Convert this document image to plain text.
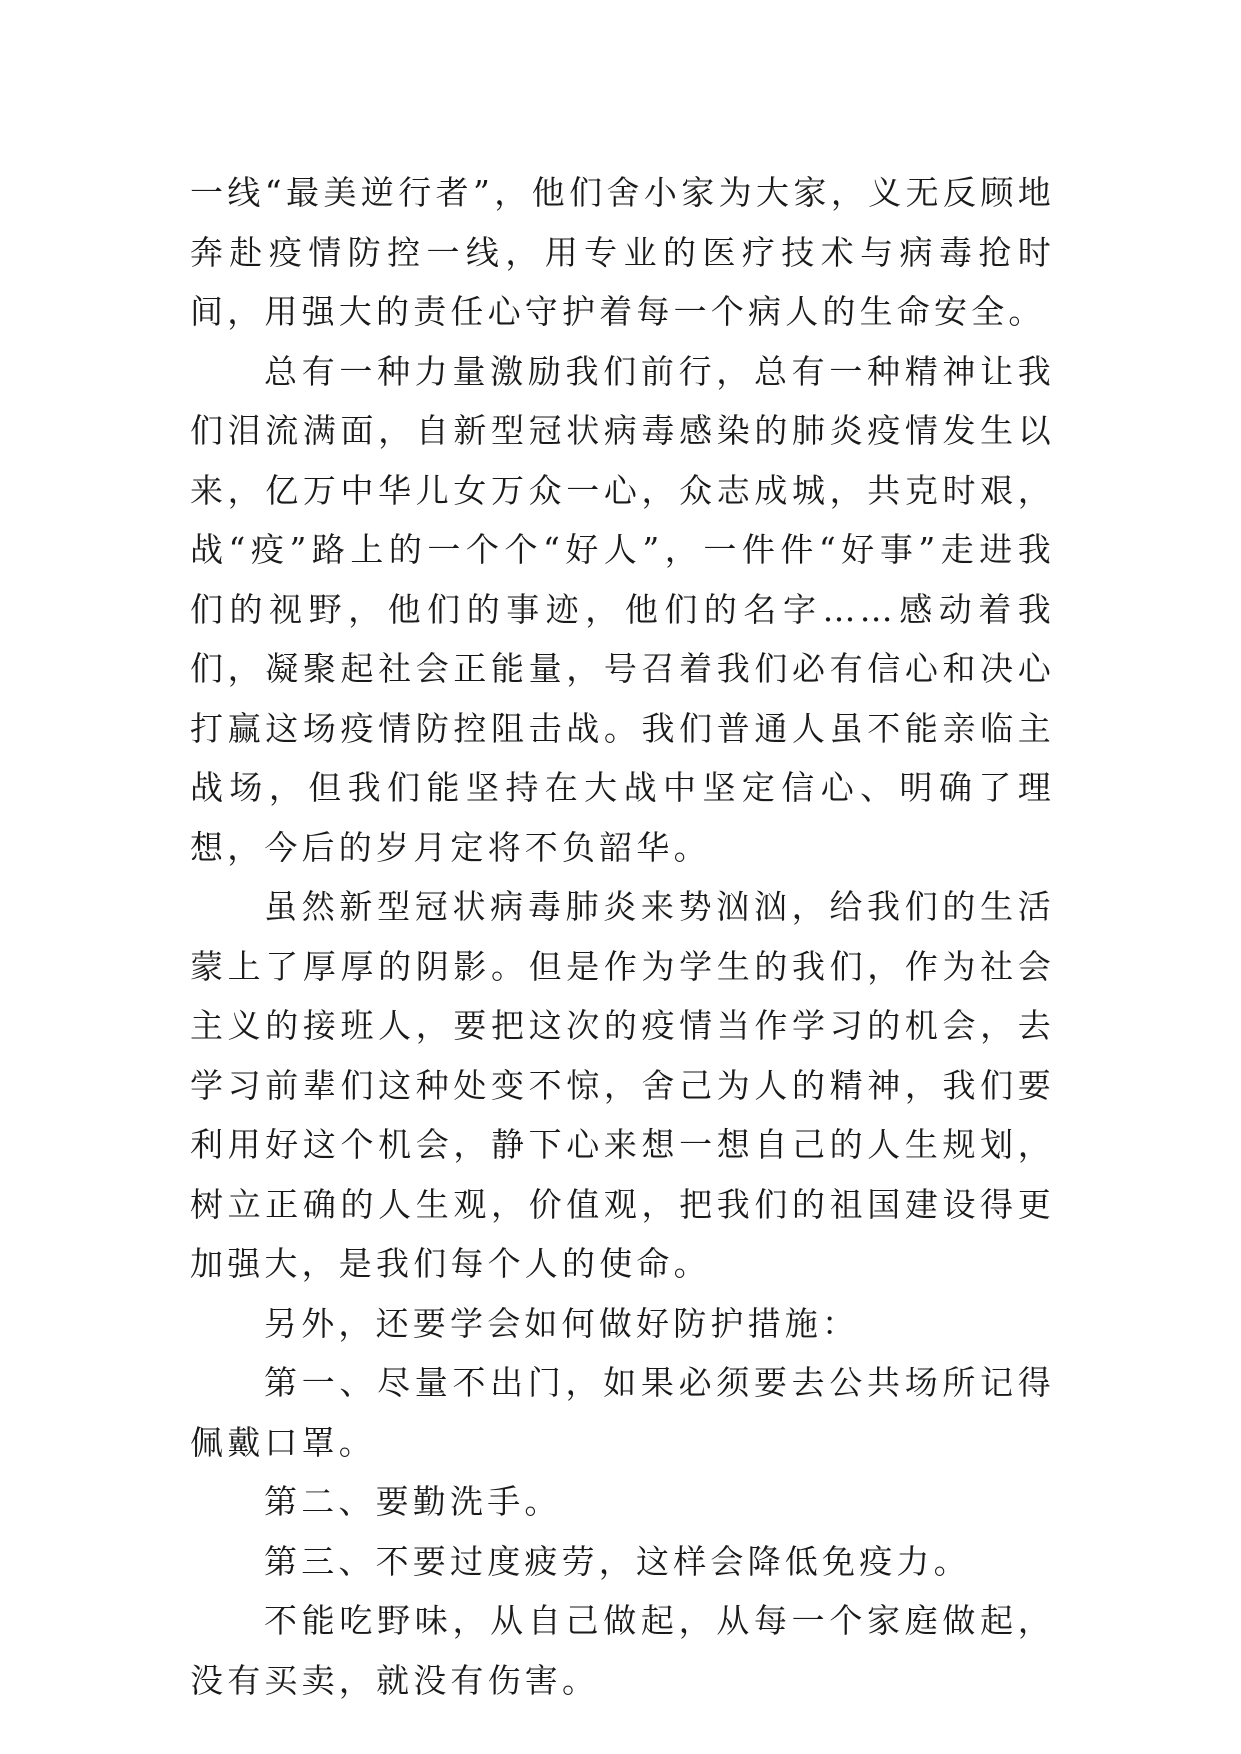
一线“最美逆行者”，他们舍小家为大家，义无反顾地奔赴疫情防控一线，用专业的医疗技术与病毒抢时间，用强大的责任心守护着每一个病人的生命安全。

总有一种力量激励我们前行，总有一种精神让我们泪流满面，自新型冠状病毒感染的肺炎疫情发生以来，亿万中华儿女万众一心，众志成城，共克时艰，战“疫”路上的一个个“好人”，一件件“好事”走进我们的视野，他们的事迹，他们的名字……感动着我们，凝聚起社会正能量，号召着我们必有信心和决心打赢这场疫情防控阻击战。我们普通人虽不能亲临主战场，但我们能坚持在大战中坚定信心、明确了理想，今后的岁月定将不负韶华。

虽然新型冠状病毒肺炎来势汹汹，给我们的生活蒙上了厚厚的阴影。但是作为学生的我们，作为社会主义的接班人，要把这次的疫情当作学习的机会，去学习前辈们这种处变不惊，舍己为人的精神，我们要利用好这个机会，静下心来想一想自己的人生规划，树立正确的人生观，价值观，把我们的祖国建设得更加强大，是我们每个人的使命。

另外，还要学会如何做好防护措施：

第一、尽量不出门，如果必须要去公共场所记得佩戴口罩。

第二、要勤洗手。

第三、不要过度疲劳，这样会降低免疫力。

不能吃野味，从自己做起，从每一个家庭做起，没有买卖，就没有伤害。
